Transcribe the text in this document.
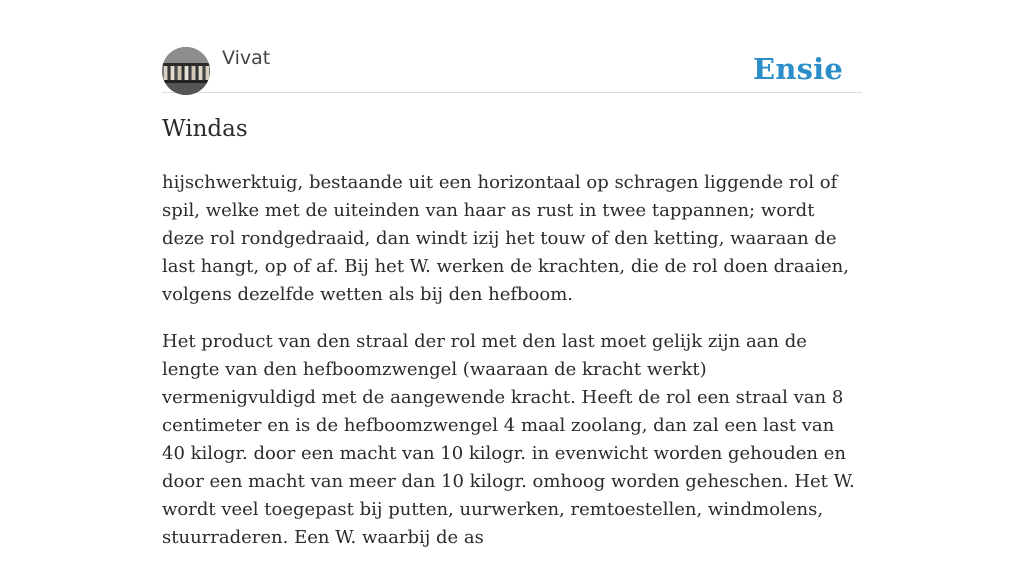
Vivat	Ensie
Windas

hijschwerktuig, bestaande uit een horizontaal op schragen liggende rol of spil, welke met de uiteinden van haar as rust in twee tappannen; wordt deze rol rondgedraaid, dan windt izij het touw of den ketting, waaraan de last hangt, op of af. Bij het W. werken de krachten, die de rol doen draaien, volgens dezelfde wetten als bij den hefboom.

Het product van den straal der rol met den last moet gelijk zijn aan de lengte van den hefboomzwengel (waaraan de kracht werkt) vermenigvuldigd met de aangewende kracht. Heeft de rol een straal van 8 centimeter en is de hefboomzwengel 4 maal zoolang, dan zal een last van 40 kilogr. door een macht van 10 kilogr. in evenwicht worden gehouden en door een macht van meer dan 10 kilogr. omhoog worden geheschen. Het W. wordt veel toegepast bij putten, uurwerken, remtoestellen, windmolens, stuurraderen. Een W. waarbij de as
